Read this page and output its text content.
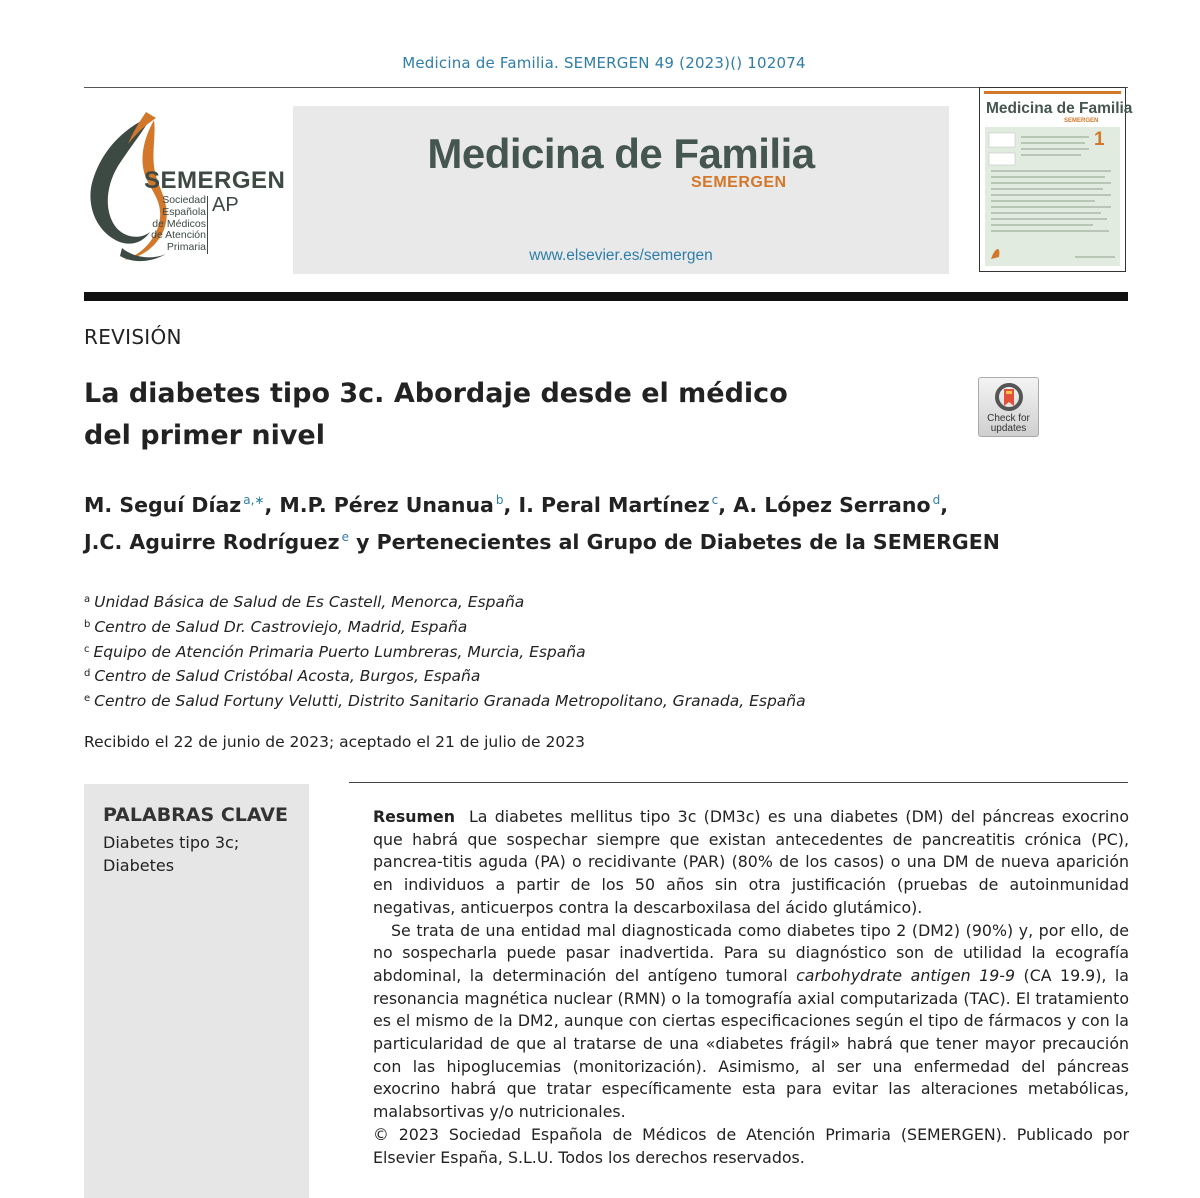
Medicina de Familia. SEMERGEN 49 (2023)() 102074
SEMERGEN
Sociedad
Española
de Médicos
de Atención
Primaria
AP
Medicina de Familia
SEMERGEN
www.elsevier.es/semergen
Medicina de Familia
SEMERGEN
1
REVISIÓN
La diabetes tipo 3c. Abordaje desde el médico
del primer nivel
Check for updates
M. Seguí Díaz $^{a,∗}$, M.P. Pérez Unanua $^b$, I. Peral Martínez $^c$, A. López Serrano $^d$,
J.C. Aguirre Rodríguez $^e$ y Pertenecientes al Grupo de Diabetes de la SEMERGEN
$^a$ Unidad Básica de Salud de Es Castell, Menorca, España
$^b$ Centro de Salud Dr. Castroviejo, Madrid, España
$^c$ Equipo de Atención Primaria Puerto Lumbreras, Murcia, España
$^d$ Centro de Salud Cristóbal Acosta, Burgos, España
$^e$ Centro de Salud Fortuny Velutti, Distrito Sanitario Granada Metropolitano, Granada, España
Recibido el 22 de junio de 2023; aceptado el 21 de julio de 2023
PALABRAS CLAVE
Diabetes tipo 3c;
Diabetes

Resumen La diabetes mellitus tipo 3c (DM3c) es una diabetes (DM) del páncreas exocrino que habrá que sospechar siempre que existan antecedentes de pancreatitis crónica (PC), pancrea-titis aguda (PA) o recidivante (PAR) (80% de los casos) o una DM de nueva aparición en individuos a partir de los 50 años sin otra justificación (pruebas de autoinmunidad negativas, anticuerpos contra la descarboxilasa del ácido glutámico).

Se trata de una entidad mal diagnosticada como diabetes tipo 2 (DM2) (90%) y, por ello, de no sospecharla puede pasar inadvertida. Para su diagnóstico son de utilidad la ecografía abdominal, la determinación del antígeno tumoral carbohydrate antigen 19-9 (CA 19.9), la resonancia magnética nuclear (RMN) o la tomografía axial computarizada (TAC). El tratamiento es el mismo de la DM2, aunque con ciertas especificaciones según el tipo de fármacos y con la particularidad de que al tratarse de una «diabetes frágil» habrá que tener mayor precaución con las hipoglucemias (monitorización). Asimismo, al ser una enfermedad del páncreas exocrino habrá que tratar específicamente esta para evitar las alteraciones metabólicas, malabsortivas y/o nutricionales.

© 2023 Sociedad Española de Médicos de Atención Primaria (SEMERGEN). Publicado por Elsevier España, S.L.U. Todos los derechos reservados.
